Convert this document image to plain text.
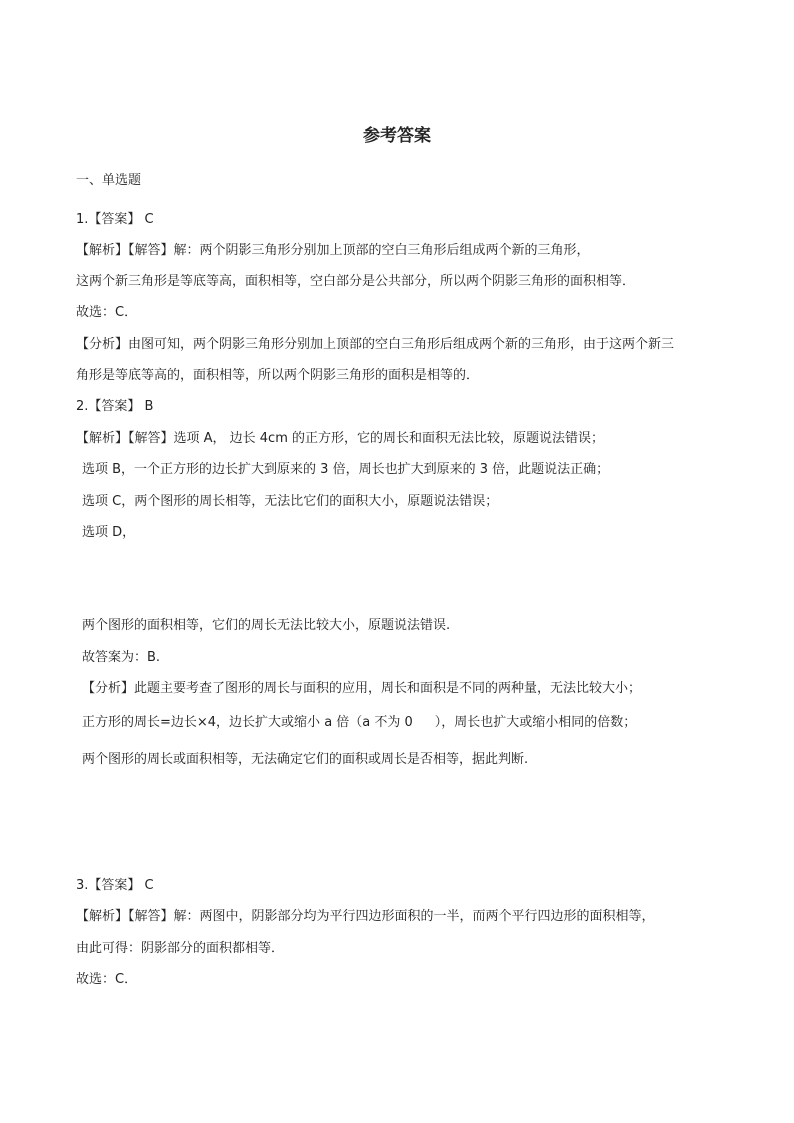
参考答案
一、单选题
1.【答案】 C
【解析】【解答】解：两个阴影三角形分别加上顶部的空白三角形后组成两个新的三角形，
这两个新三角形是等底等高，面积相等，空白部分是公共部分，所以两个阴影三角形的面积相等．
故选：C．
【分析】由图可知，两个阴影三角形分别加上顶部的空白三角形后组成两个新的三角形，由于这两个新三
角形是等底等高的，面积相等，所以两个阴影三角形的面积是相等的．
2.【答案】 B
【解析】【解答】选项 A， 边长 4cm 的正方形，它的周长和面积无法比较，原题说法错误；
选项 B，一个正方形的边长扩大到原来的 3 倍，周长也扩大到原来的 3 倍，此题说法正确；
选项 C，两个图形的周长相等，无法比它们的面积大小，原题说法错误；
选项 D，
两个图形的面积相等，它们的周长无法比较大小，原题说法错误.
故答案为：B.
【分析】此题主要考查了图形的周长与面积的应用，周长和面积是不同的两种量，无法比较大小；
正方形的周长=边长×4，边长扩大或缩小 a 倍（a 不为 0 ），周长也扩大或缩小相同的倍数；
两个图形的周长或面积相等，无法确定它们的面积或周长是否相等，据此判断.
3.【答案】 C
【解析】【解答】解：两图中，阴影部分均为平行四边形面积的一半，而两个平行四边形的面积相等，
由此可得：阴影部分的面积都相等．
故选：C．
